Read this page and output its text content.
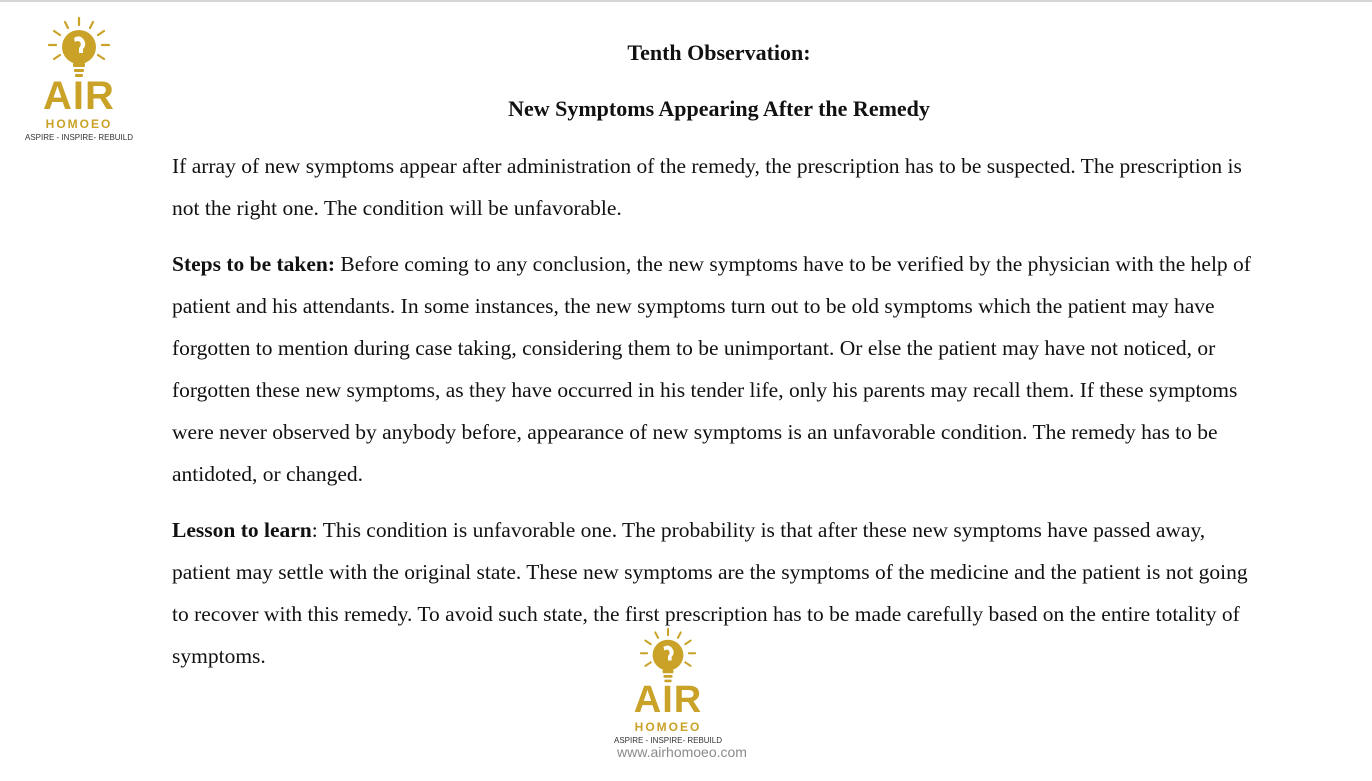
AIR
HOMOEO
ASPIRE - INSPIRE- REBUILD
Tenth Observation:
New Symptoms Appearing After the Remedy

If array of new symptoms appear after administration of the remedy, the prescription has to be suspected. The prescription is not the right one. The condition will be unfavorable.

Steps to be taken: Before coming to any conclusion, the new symptoms have to be verified by the physician with the help of patient and his attendants. In some instances, the new symptoms turn out to be old symptoms which the patient may have forgotten to mention during case taking, considering them to be unimportant. Or else the patient may have not noticed, or forgotten these new symptoms, as they have occurred in his tender life, only his parents may recall them. If these symptoms were never observed by anybody before, appearance of new symptoms is an unfavorable condition. The remedy has to be antidoted, or changed.

Lesson to learn: This condition is unfavorable one. The probability is that after these new symptoms have passed away, patient may settle with the original state. These new symptoms are the symptoms of the medicine and the patient is not going to recover with this remedy. To avoid such state, the first prescription has to be made carefully based on the entire totality of symptoms.

AIR
HOMOEO
ASPIRE - INSPIRE- REBUILD
www.airhomoeo.com
